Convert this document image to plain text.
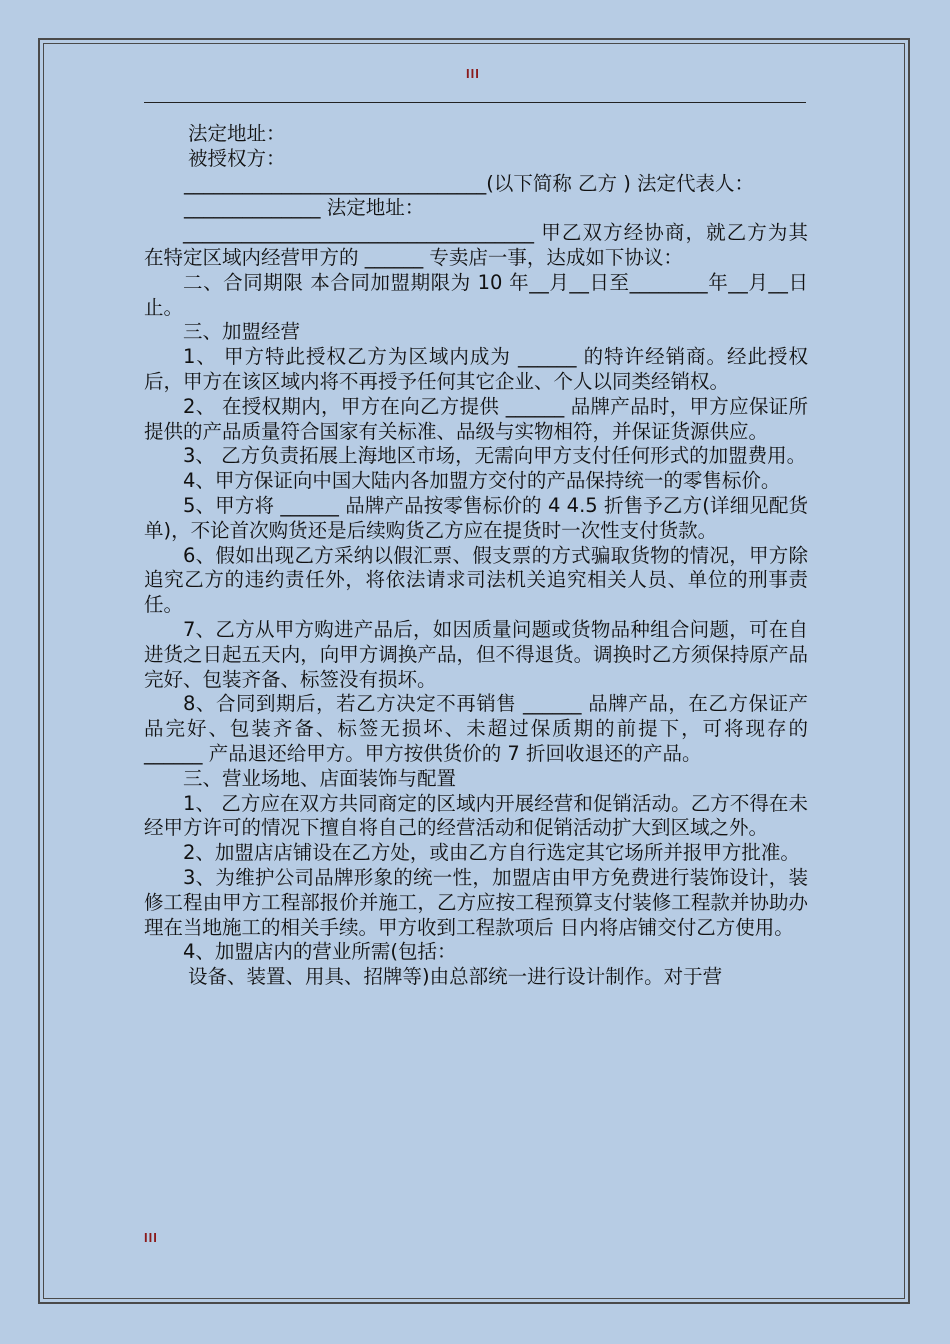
III

法定地址：

被授权方：

_______________________________(以下简称 乙方 ) 法定代表人：

______________ 法定地址：

____________________________________ 甲乙双方经协商，就乙方为其在特定区域内经营甲方的 ______ 专卖店一事，达成如下协议：

二、合同期限 本合同加盟期限为 10 年__月__日至________年__月__日止。

三、加盟经营

1、 甲方特此授权乙方为区域内成为 ______ 的特许经销商。经此授权后，甲方在该区域内将不再授予任何其它企业、个人以同类经销权。

2、 在授权期内，甲方在向乙方提供 ______ 品牌产品时，甲方应保证所提供的产品质量符合国家有关标准、品级与实物相符，并保证货源供应。

3、 乙方负责拓展上海地区市场，无需向甲方支付任何形式的加盟费用。

4、甲方保证向中国大陆内各加盟方交付的产品保持统一的零售标价。

5、甲方将 ______ 品牌产品按零售标价的 4 4.5 折售予乙方(详细见配货单)，不论首次购货还是后续购货乙方应在提货时一次性支付货款。

6、假如出现乙方采纳以假汇票、假支票的方式骗取货物的情况，甲方除追究乙方的违约责任外，将依法请求司法机关追究相关人员、单位的刑事责任。

7、乙方从甲方购进产品后，如因质量问题或货物品种组合问题，可在自进货之日起五天内，向甲方调换产品，但不得退货。调换时乙方须保持原产品完好、包装齐备、标签没有损坏。

8、合同到期后，若乙方决定不再销售 ______ 品牌产品，在乙方保证产品完好、包装齐备、标签无损坏、未超过保质期的前提下，可将现存的 ______ 产品退还给甲方。甲方按供货价的 7 折回收退还的产品。

三、营业场地、店面装饰与配置

1、 乙方应在双方共同商定的区域内开展经营和促销活动。乙方不得在未经甲方许可的情况下擅自将自己的经营活动和促销活动扩大到区域之外。

2、加盟店店铺设在乙方处，或由乙方自行选定其它场所并报甲方批准。

3、为维护公司品牌形象的统一性，加盟店由甲方免费进行装饰设计，装修工程由甲方工程部报价并施工，乙方应按工程预算支付装修工程款并协助办理在当地施工的相关手续。甲方收到工程款项后 日内将店铺交付乙方使用。

4、加盟店内的营业所需(包括：

设备、装置、用具、招牌等)由总部统一进行设计制作。对于营

III
